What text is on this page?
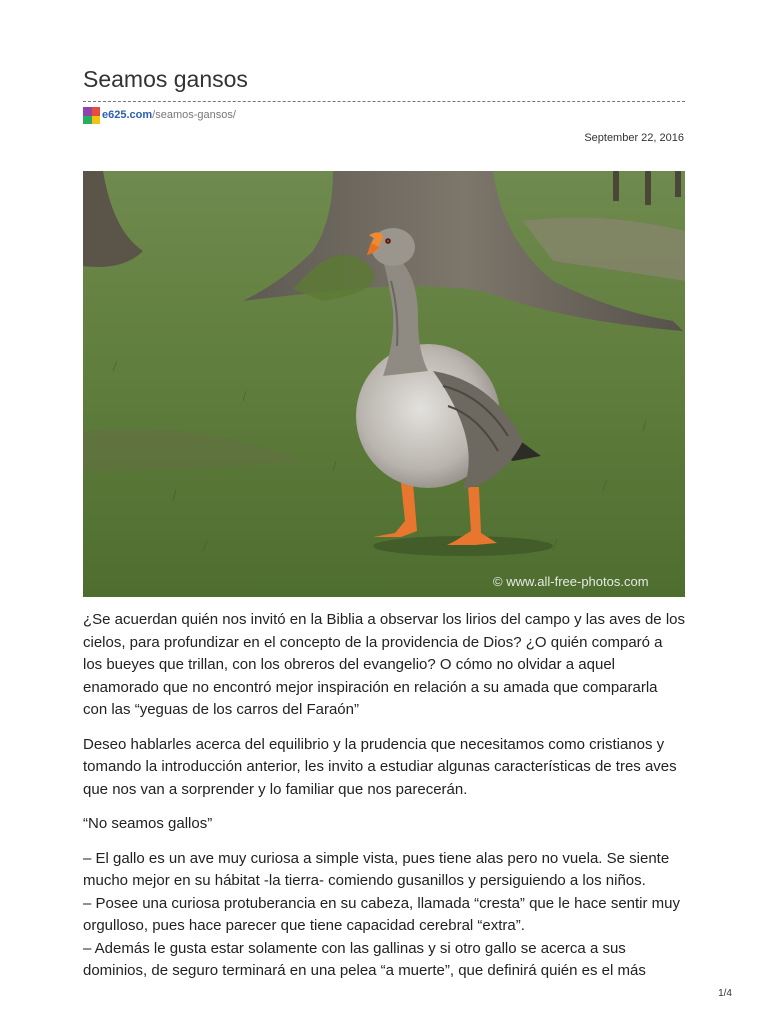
Seamos gansos
e625.com /seamos-gansos/
September 22, 2016
© www.all-free-photos.com

¿Se acuerdan quién nos invitó en la Biblia a observar los lirios del campo y las aves de los cielos, para profundizar en el concepto de la providencia de Dios? ¿O quién comparó a los bueyes que trillan, con los obreros del evangelio? O cómo no olvidar a aquel enamorado que no encontró mejor inspiración en relación a su amada que compararla con las “yeguas de los carros del Faraón”

Deseo hablarles acerca del equilibrio y la prudencia que necesitamos como cristianos y tomando la introducción anterior, les invito a estudiar algunas características de tres aves que nos van a sorprender y lo familiar que nos parecerán.

“No seamos gallos”

– El gallo es un ave muy curiosa a simple vista, pues tiene alas pero no vuela. Se siente mucho mejor en su hábitat -la tierra- comiendo gusanillos y persiguiendo a los niños.

– Posee una curiosa protuberancia en su cabeza, llamada “cresta” que le hace sentir muy orgulloso, pues hace parecer que tiene capacidad cerebral “extra”.

– Además le gusta estar solamente con las gallinas y si otro gallo se acerca a sus dominios, de seguro terminará en una pelea “a muerte”, que definirá quién es el más

1/4
